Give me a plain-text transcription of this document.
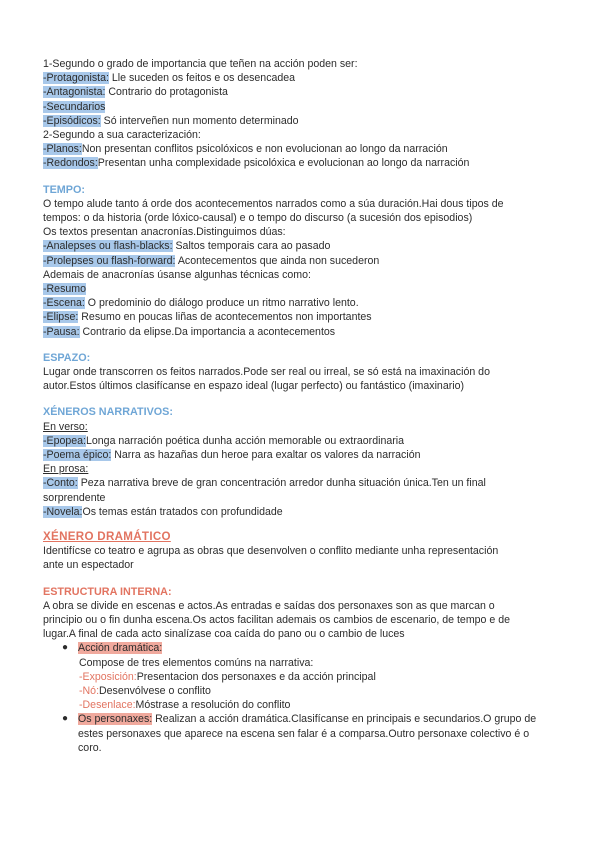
1-Segundo o grado de importancia que teñen na acción poden ser:
-Protagonista: Lle suceden os feitos e os desencadea
-Antagonista: Contrario do protagonista
-Secundarios
-Episódicos: Só interveñen nun momento determinado
2-Segundo a sua caracterización:
-Planos:Non presentan conflitos psicolóxicos e non evolucionan ao longo da narración
-Redondos:Presentan unha complexidade psicolóxica e evolucionan ao longo da narración
TEMPO:
O tempo alude tanto á orde dos acontecementos narrados como a súa duración.Hai dous tipos de
tempos: o da historia (orde lóxico-causal) e o tempo do discurso (a sucesión dos episodios)
Os textos presentan anacronías.Distinguimos dúas:
-Analepses ou flash-blacks: Saltos temporais cara ao pasado
-Prolepses ou flash-forward: Acontecementos que ainda non sucederon
Ademais de anacronías úsanse algunhas técnicas como:
-Resumo
-Escena: O predominio do diálogo produce un ritmo narrativo lento.
-Elipse: Resumo en poucas liñas de acontecementos non importantes
-Pausa: Contrario da elipse.Da importancia a acontecementos
ESPAZO:
Lugar onde transcorren os feitos narrados.Pode ser real ou irreal, se só está na imaxinación do
autor.Estos últimos clasifícanse en espazo ideal (lugar perfecto) ou fantástico (imaxinario)
XÉNEROS NARRATIVOS:
En verso:
-Epopea:Longa narración poética dunha acción memorable ou extraordinaria
-Poema épico: Narra as hazañas dun heroe para exaltar os valores da narración
En prosa:
-Conto: Peza narrativa breve de gran concentración arredor dunha situación única.Ten un final
sorprendente
-Novela:Os temas están tratados con profundidade
XÉNERO DRAMÁTICO
Identifícse co teatro e agrupa as obras que desenvolven o conflito mediante unha representación
ante un espectador
ESTRUCTURA INTERNA:
A obra se divide en escenas e actos.As entradas e saídas dos personaxes son as que marcan o
principio ou o fin dunha escena.Os actos facilitan ademais os cambios de escenario, de tempo e de
lugar.A final de cada acto sinalízase coa caída do pano ou o cambio de luces
● Acción dramática:
Compose de tres elementos comúns na narrativa:
-Exposición:Presentacion dos personaxes e da acción principal
-Nó:Desenvólvese o conflito
-Desenlace:Móstrase a resolución do conflito
● Os personaxes: Realizan a acción dramática.Clasifícanse en principais e secundarios.O grupo de
estes personaxes que aparece na escena sen falar é a comparsa.Outro personaxe colectivo é o
coro.
